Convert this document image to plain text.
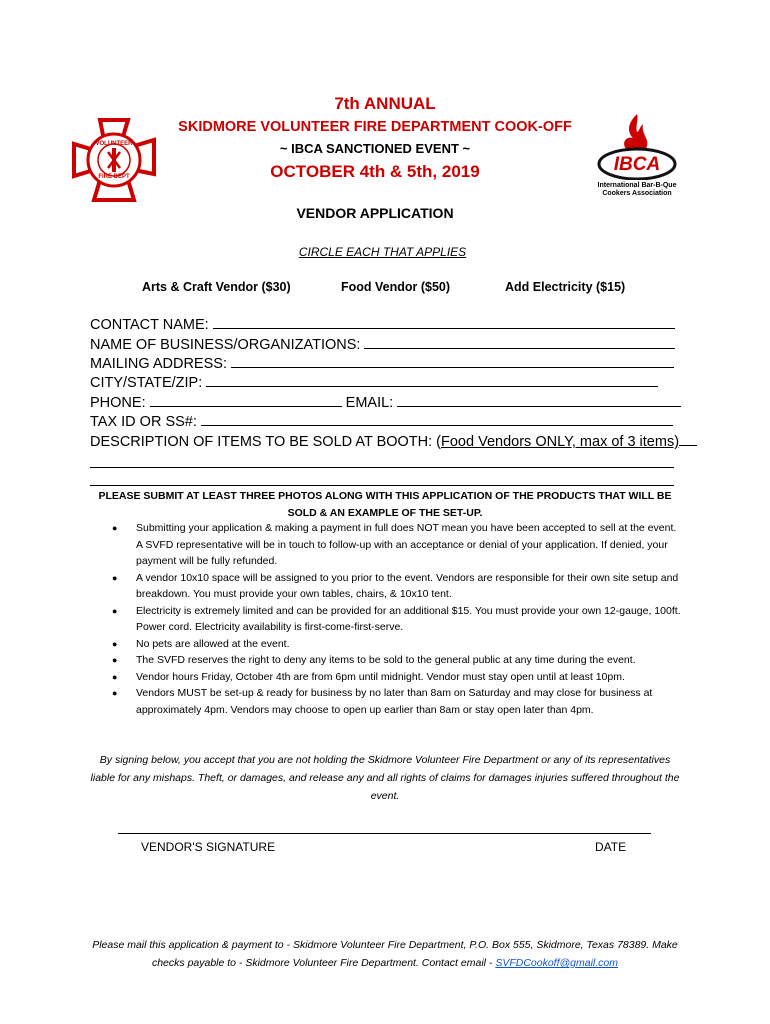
VOLUNTEER
FIRE DEPT
IBCA
International Bar-B-Que
Cookers Association
7th ANNUAL
SKIDMORE VOLUNTEER FIRE DEPARTMENT COOK-OFF
~ IBCA SANCTIONED EVENT ~
OCTOBER 4th & 5th, 2019
VENDOR APPLICATION
CIRCLE EACH THAT APPLIES
Arts & Craft Vendor ($30)	Food Vendor ($50)	Add Electricity ($15)
CONTACT NAME:
NAME OF BUSINESS/ORGANIZATIONS:
MAILING ADDRESS:
CITY/STATE/ZIP:
PHONE:	EMAIL:
TAX ID OR SS#:
DESCRIPTION OF ITEMS TO BE SOLD AT BOOTH: (Food Vendors ONLY, max of 3 items)
PLEASE SUBMIT AT LEAST THREE PHOTOS ALONG WITH THIS APPLICATION OF THE PRODUCTS THAT WILL BE SOLD & AN EXAMPLE OF THE SET-UP.
● Submitting your application & making a payment in full does NOT mean you have been accepted to sell at the event. A SVFD representative will be in touch to follow-up with an acceptance or denial of your application. If denied, your payment will be fully refunded.
● A vendor 10x10 space will be assigned to you prior to the event. Vendors are responsible for their own site setup and breakdown. You must provide your own tables, chairs, & 10x10 tent.
● Electricity is extremely limited and can be provided for an additional $15. You must provide your own 12-gauge, 100ft. Power cord. Electricity availability is first-come-first-serve.
● No pets are allowed at the event.
● The SVFD reserves the right to deny any items to be sold to the general public at any time during the event.
● Vendor hours Friday, October 4th are from 6pm until midnight. Vendor must stay open until at least 10pm.
● Vendors MUST be set-up & ready for business by no later than 8am on Saturday and may close for business at approximately 4pm. Vendors may choose to open up earlier than 8am or stay open later than 4pm.
By signing below, you accept that you are not holding the Skidmore Volunteer Fire Department or any of its representatives liable for any mishaps. Theft, or damages, and release any and all rights of claims for damages injuries suffered throughout the event.
VENDOR'S SIGNATURE	DATE
Please mail this application & payment to - Skidmore Volunteer Fire Department, P.O. Box 555, Skidmore, Texas 78389. Make checks payable to - Skidmore Volunteer Fire Department. Contact email - SVFDCookoff@gmail.com
